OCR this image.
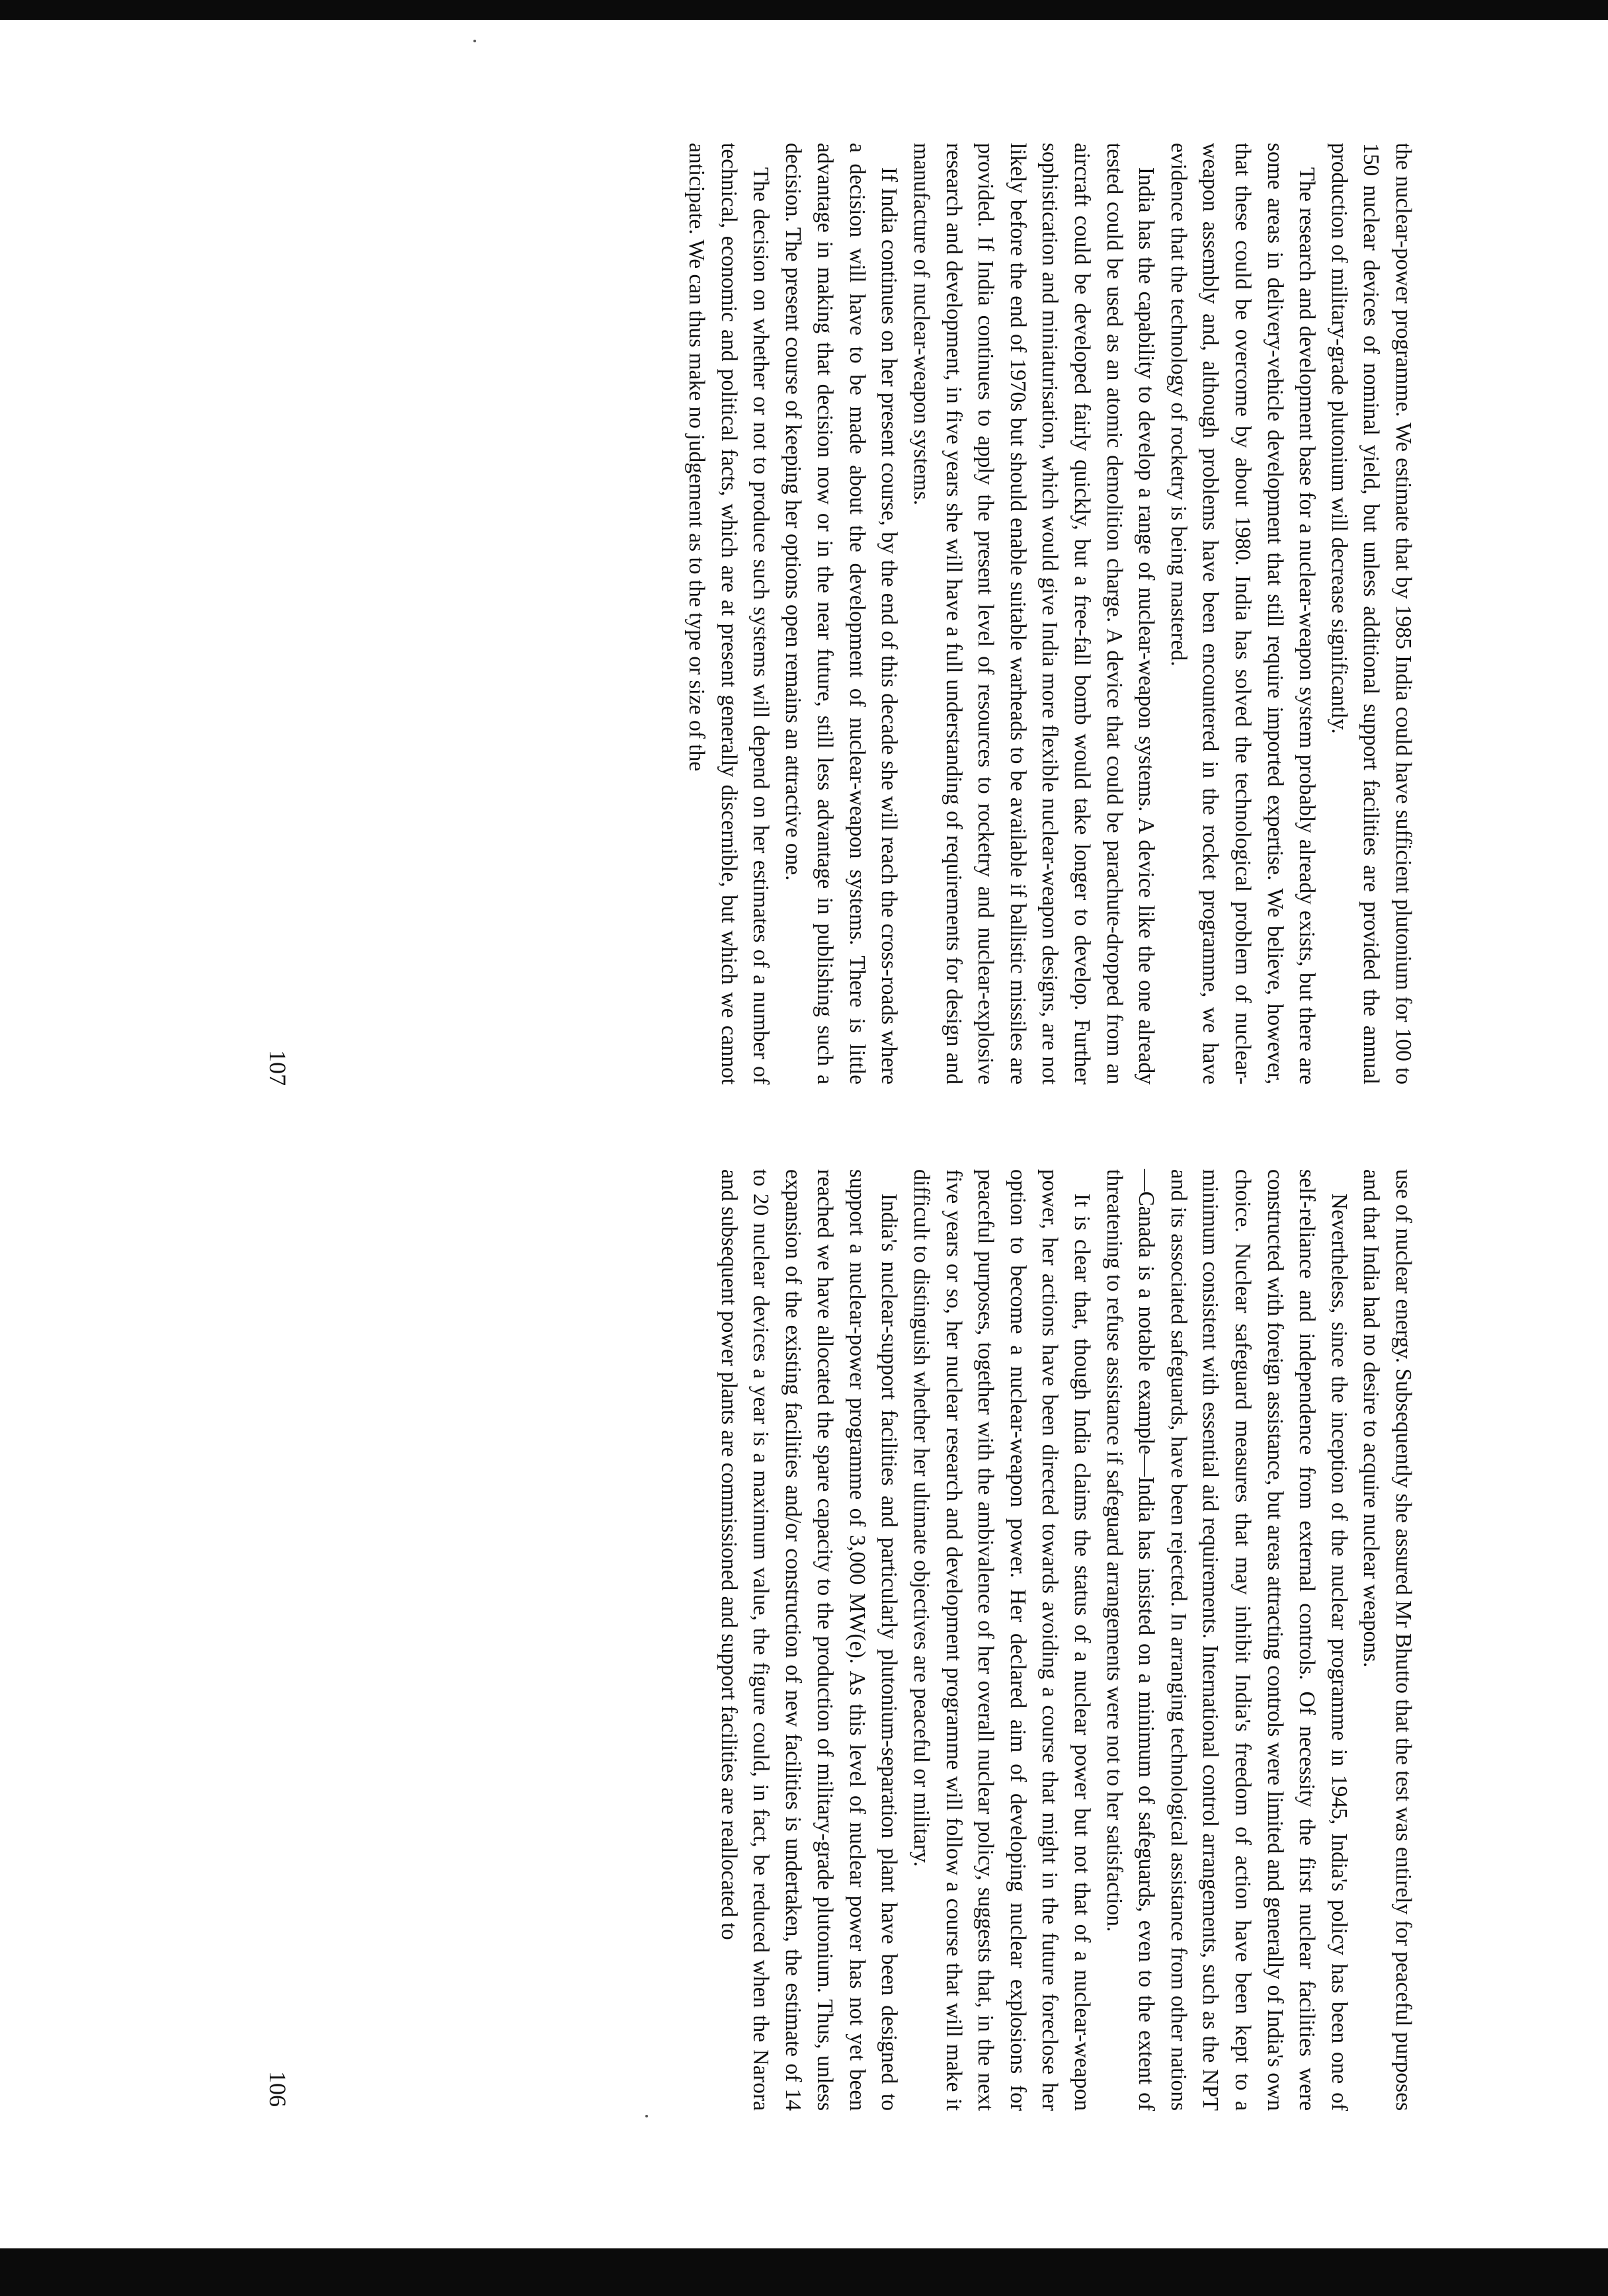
106	use of nuclear energy. Subsequently she assured Mr Bhutto that the test was entirely for peaceful purposes and that India had no desire to acquire nuclear weapons.

Nevertheless, since the inception of the nuclear programme in 1945, India's policy has been one of self-reliance and independence from external controls. Of necessity the first nuclear facilities were constructed with foreign assistance, but areas attracting controls were limited and generally of India's own choice. Nuclear safeguard measures that may inhibit India's freedom of action have been kept to a minimum consistent with essential aid requirements. International control arrangements, such as the NPT and its associated safeguards, have been rejected. In arranging technological assistance from other nations—Canada is a notable example—India has insisted on a minimum of safeguards, even to the extent of threatening to refuse assistance if safeguard arrangements were not to her satisfaction.

It is clear that, though India claims the status of a nuclear power but not that of a nuclear-weapon power, her actions have been directed towards avoiding a course that might in the future foreclose her option to become a nuclear-weapon power. Her declared aim of developing nuclear explosions for peaceful purposes, together with the ambivalence of her overall nuclear policy, suggests that, in the next five years or so, her nuclear research and development programme will follow a course that will make it difficult to distinguish whether her ultimate objectives are peaceful or military.

India's nuclear-support facilities and particularly plutonium-separation plant have been designed to support a nuclear-power programme of 3,000 MW(e). As this level of nuclear power has not yet been reached we have allocated the spare capacity to the production of military-grade plutonium. Thus, unless expansion of the existing facilities and/or construction of new facilities is undertaken, the estimate of 14 to 20 nuclear devices a year is a maximum value, the figure could, in fact, be reduced when the Narora and subsequent power plants are commissioned and support facilities are reallocated to

107	the nuclear-power programme. We estimate that by 1985 India could have sufficient plutonium for 100 to 150 nuclear devices of nominal yield, but unless additional support facilities are provided the annual production of military-grade plutonium will decrease significantly.

The research and development base for a nuclear-weapon system probably already exists, but there are some areas in delivery-vehicle development that still require imported expertise. We believe, however, that these could be overcome by about 1980. India has solved the technological problem of nuclear-weapon assembly and, although problems have been encountered in the rocket programme, we have evidence that the technology of rocketry is being mastered.

India has the capability to develop a range of nuclear-weapon systems. A device like the one already tested could be used as an atomic demolition charge. A device that could be parachute-dropped from an aircraft could be developed fairly quickly, but a free-fall bomb would take longer to develop. Further sophistication and miniaturisation, which would give India more flexible nuclear-weapon designs, are not likely before the end of 1970s but should enable suitable warheads to be available if ballistic missiles are provided. If India continues to apply the present level of resources to rocketry and nuclear-explosive research and development, in five years she will have a full understanding of requirements for design and manufacture of nuclear-weapon systems.

If India continues on her present course, by the end of this decade she will reach the cross-roads where a decision will have to be made about the development of nuclear-weapon systems. There is little advantage in making that decision now or in the near future, still less advantage in publishing such a decision. The present course of keeping her options open remains an attractive one.

The decision on whether or not to produce such systems will depend on her estimates of a number of technical, economic and political facts, which are at present generally discernible, but which we cannot anticipate. We can thus make no judgement as to the type or size of the
